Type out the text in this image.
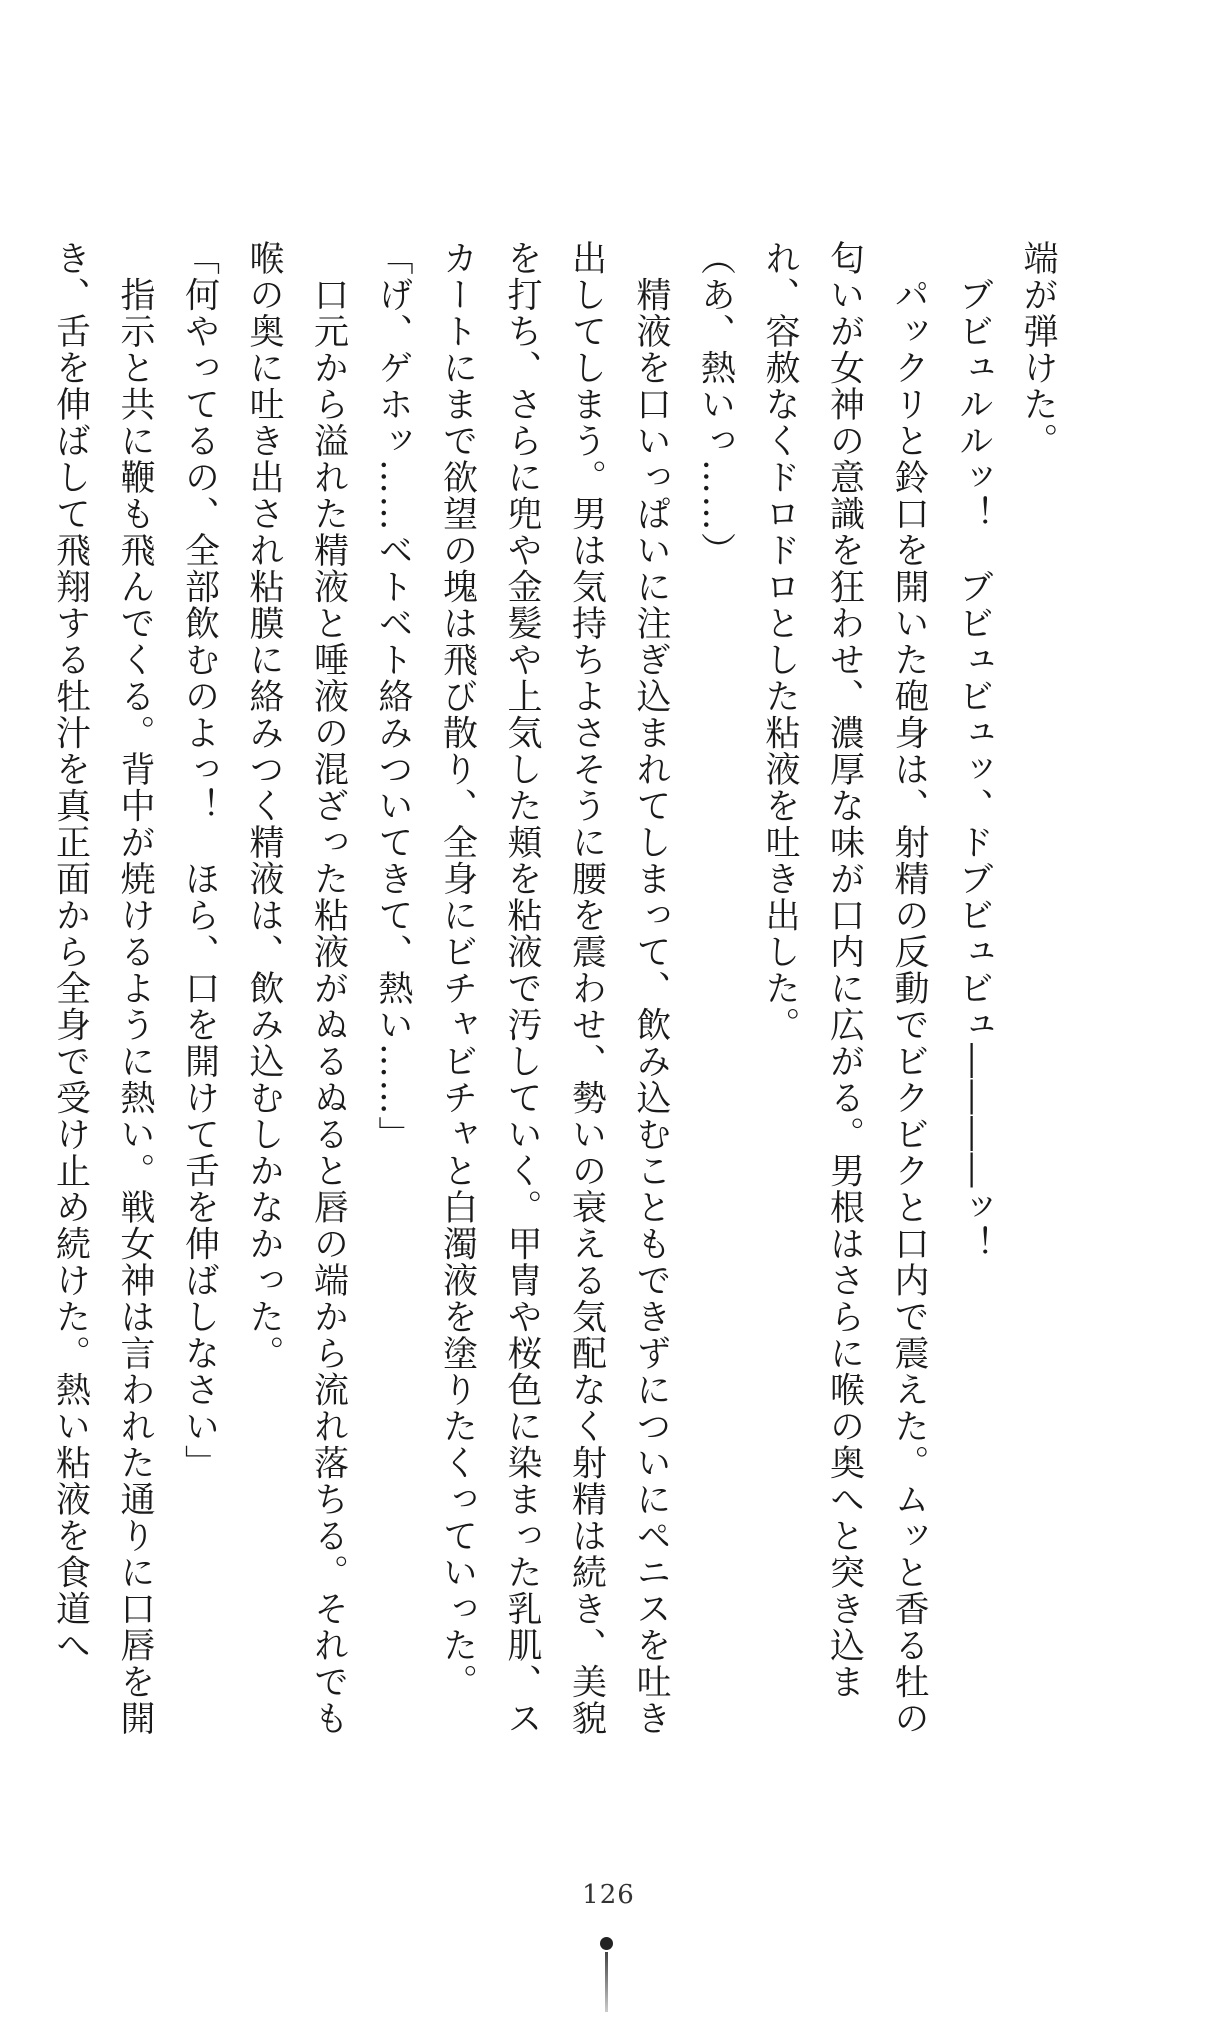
端が弾けた。

　ブビュルルッ！　ブビュビュッ、ドブビュビュ――――ッ！

　パックリと鈴口を開いた砲身は、射精の反動でビクビクと口内で震えた。ムッと香る牡の匂いが女神の意識を狂わせ、濃厚な味が口内に広がる。男根はさらに喉の奥へと突き込まれ、容赦なくドロドロとした粘液を吐き出した。

（あ、熱いっ……）

　精液を口いっぱいに注ぎ込まれてしまって、飲み込むこともできずについにペニスを吐き出してしまう。男は気持ちよさそうに腰を震わせ、勢いの衰える気配なく射精は続き、美貌を打ち、さらに兜や金髪や上気した頬を粘液で汚していく。甲冑や桜色に染まった乳肌、スカートにまで欲望の塊は飛び散り、全身にビチャビチャと白濁液を塗りたくっていった。

「げ、ゲホッ……ベトベト絡みついてきて、熱い……」

　口元から溢れた精液と唾液の混ざった粘液がぬるぬると唇の端から流れ落ちる。それでも喉の奥に吐き出され粘膜に絡みつく精液は、飲み込むしかなかった。

「何やってるの、全部飲むのよっ！　ほら、口を開けて舌を伸ばしなさい」

　指示と共に鞭も飛んでくる。背中が焼けるように熱い。戦女神は言われた通りに口唇を開き、舌を伸ばして飛翔する牡汁を真正面から全身で受け止め続けた。熱い粘液を食道へ

126
